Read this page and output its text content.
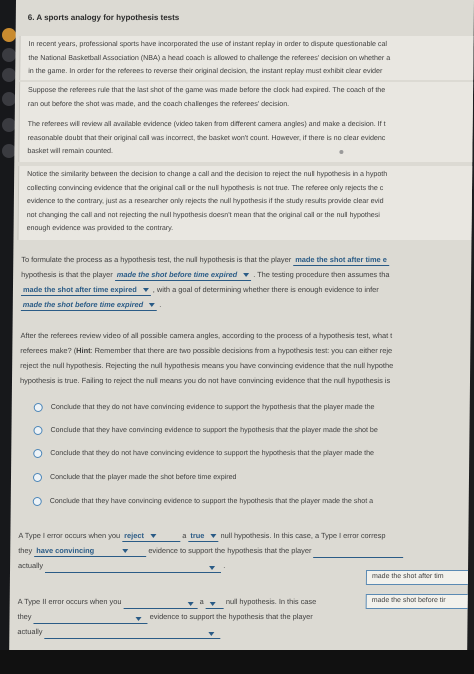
6. A sports analogy for hypothesis tests
In recent years, professional sports have incorporated the use of instant replay in order to dispute questionable cal
the National Basketball Association (NBA) a head coach is allowed to challenge the referees' decision on whether a
in the game. In order for the referees to reverse their original decision, the instant replay must exhibit clear evider
Suppose the referees rule that the last shot of the game was made before the clock had expired. The coach of the
ran out before the shot was made, and the coach challenges the referees' decision.
The referees will review all available evidence (video taken from different camera angles) and make a decision. If t
reasonable doubt that their original call was incorrect, the basket won't count. However, if there is no clear evidenc
basket will remain counted.
Notice the similarity between the decision to change a call and the decision to reject the null hypothesis in a hypoth
collecting convincing evidence that the original call or the null hypothesis is not true. The referee only rejects the c
evidence to the contrary, just as a researcher only rejects the null hypothesis if the study results provide clear evid
not changing the call and not rejecting the null hypothesis doesn't mean that the original call or the null hypothesi
enough evidence was provided to the contrary.
To formulate the process as a hypothesis test, the null hypothesis is that the player made the shot after time e
hypothesis is that the player made the shot before time expired . The testing procedure then assumes tha
made the shot after time expired , with a goal of determining whether there is enough evidence to infer
made the shot before time expired .
After the referees review video of all possible camera angles, according to the process of a hypothesis test, what t
referees make? (Hint: Remember that there are two possible decisions from a hypothesis test: you can either reje
reject the null hypothesis. Rejecting the null hypothesis means you have convincing evidence that the null hypothe
hypothesis is true. Failing to reject the null means you do not have convincing evidence that the null hypothesis is
Conclude that they do not have convincing evidence to support the hypothesis that the player made the
Conclude that they have convincing evidence to support the hypothesis that the player made the shot be
Conclude that they do not have convincing evidence to support the hypothesis that the player made the
Conclude that the player made the shot before time expired
Conclude that they have convincing evidence to support the hypothesis that the player made the shot a
A Type I error occurs when you reject	a true null hypothesis. In this case, a Type I error corresp
they have convincing	evidence to support the hypothesis that the player
actually	.
made the shot after tim
made the shot before tir
A Type II error occurs when you	a	null hypothesis. In this case
they	evidence to support the hypothesis that the player
actually
